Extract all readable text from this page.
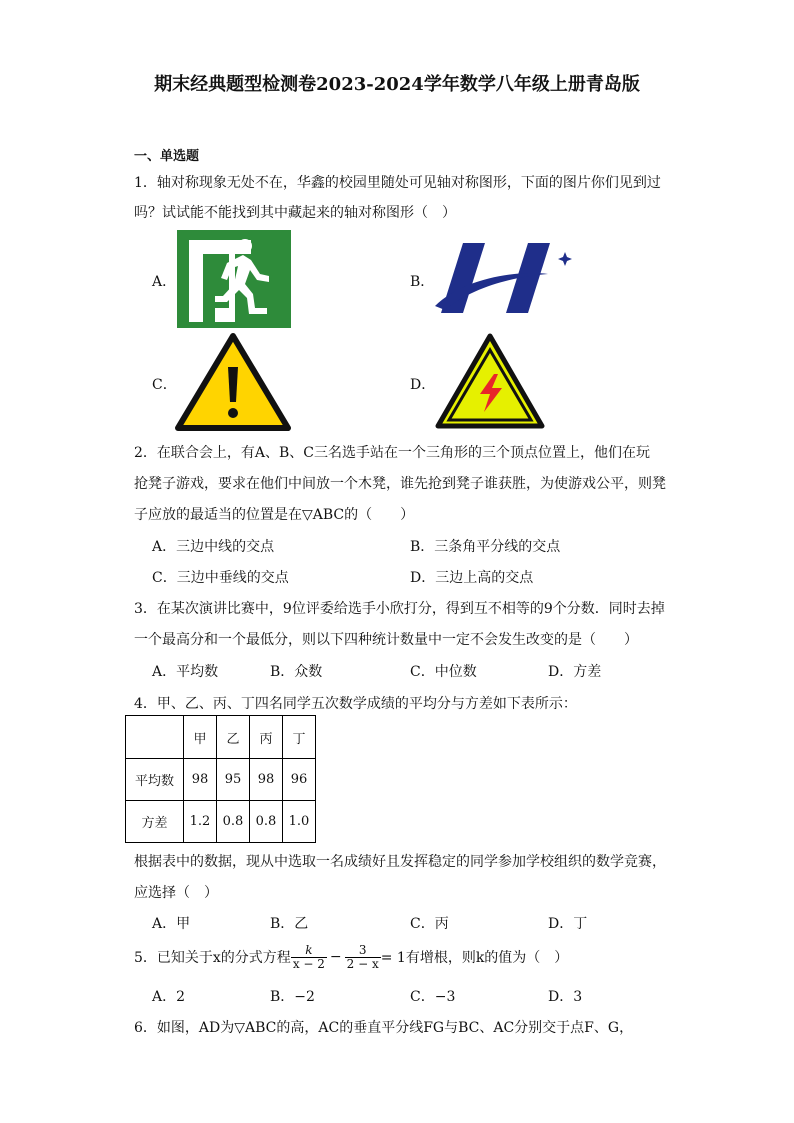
期末经典题型检测卷2023-2024学年数学八年级上册青岛版
一、单选题
1．轴对称现象无处不在，华鑫的校园里随处可见轴对称图形，下面的图片你们见到过
吗？试试能不能找到其中藏起来的轴对称图形（　）
A．	B．
C．	D．
2．在联合会上，有A、B、C三名选手站在一个三角形的三个顶点位置上，他们在玩
抢凳子游戏，要求在他们中间放一个木凳，谁先抢到凳子谁获胜，为使游戏公平，则凳
子应放的最适当的位置是在▽ABC的（　　）
A．三边中线的交点	B．三条角平分线的交点
C．三边中垂线的交点	D．三边上高的交点
3．在某次演讲比赛中，9位评委给选手小欣打分，得到互不相等的9个分数．同时去掉
一个最高分和一个最低分，则以下四种统计数量中一定不会发生改变的是（　　）
A．平均数	B．众数	C．中位数	D．方差
4．甲、乙、丙、丁四名同学五次数学成绩的平均分与方差如下表所示：
	甲	乙	丙	丁
平均数	98	95	98	96
方差	1.2	0.8	0.8	1.0
根据表中的数据，现从中选取一名成绩好且发挥稳定的同学参加学校组织的数学竞赛，
应选择（　）
A．甲	B．乙	C．丙	D．丁
5．已知关于x的分式方程 $\frac{k}{x - 2} - \frac{3}{2 - x} = 1$有增根，则k的值为（　）
A．2	B．−2	C．−3	D．3
6．如图，AD为▽ABC的高，AC的垂直平分线FG与BC、AC分别交于点F、G，
